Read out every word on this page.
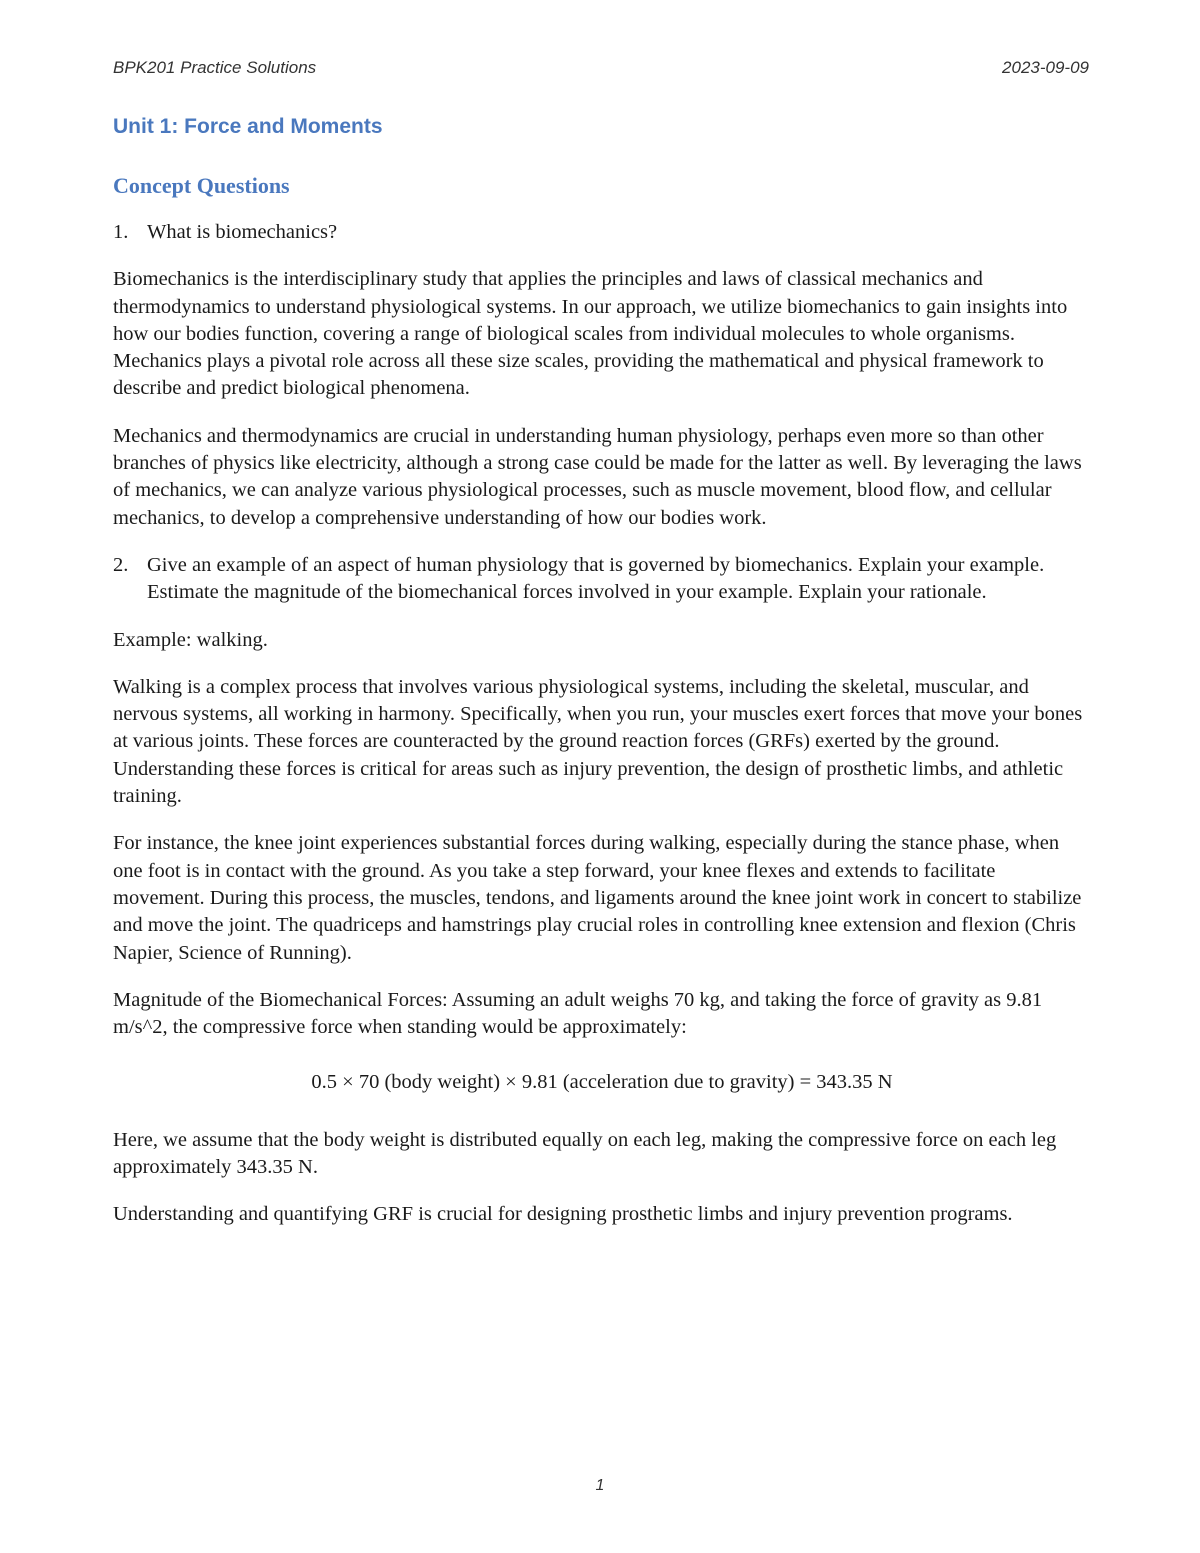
BPK201 Practice Solutions	2023-09-09
Unit 1: Force and Moments
Concept Questions
1. What is biomechanics?

Biomechanics is the interdisciplinary study that applies the principles and laws of classical mechanics and thermodynamics to understand physiological systems. In our approach, we utilize biomechanics to gain insights into how our bodies function, covering a range of biological scales from individual molecules to whole organisms. Mechanics plays a pivotal role across all these size scales, providing the mathematical and physical framework to describe and predict biological phenomena.

Mechanics and thermodynamics are crucial in understanding human physiology, perhaps even more so than other branches of physics like electricity, although a strong case could be made for the latter as well. By leveraging the laws of mechanics, we can analyze various physiological processes, such as muscle movement, blood flow, and cellular mechanics, to develop a comprehensive understanding of how our bodies work.

2. Give an example of an aspect of human physiology that is governed by biomechanics. Explain your example. Estimate the magnitude of the biomechanical forces involved in your example. Explain your rationale.

Example: walking.

Walking is a complex process that involves various physiological systems, including the skeletal, muscular, and nervous systems, all working in harmony. Specifically, when you run, your muscles exert forces that move your bones at various joints. These forces are counteracted by the ground reaction forces (GRFs) exerted by the ground. Understanding these forces is critical for areas such as injury prevention, the design of prosthetic limbs, and athletic training.

For instance, the knee joint experiences substantial forces during walking, especially during the stance phase, when one foot is in contact with the ground. As you take a step forward, your knee flexes and extends to facilitate movement. During this process, the muscles, tendons, and ligaments around the knee joint work in concert to stabilize and move the joint. The quadriceps and hamstrings play crucial roles in controlling knee extension and flexion (Chris Napier, Science of Running).

Magnitude of the Biomechanical Forces: Assuming an adult weighs 70 kg, and taking the force of gravity as 9.81 m/s^2, the compressive force when standing would be approximately:

0.5 × 70 (body weight) × 9.81 (acceleration due to gravity) = 343.35 N

Here, we assume that the body weight is distributed equally on each leg, making the compressive force on each leg approximately 343.35 N.

Understanding and quantifying GRF is crucial for designing prosthetic limbs and injury prevention programs.

1
